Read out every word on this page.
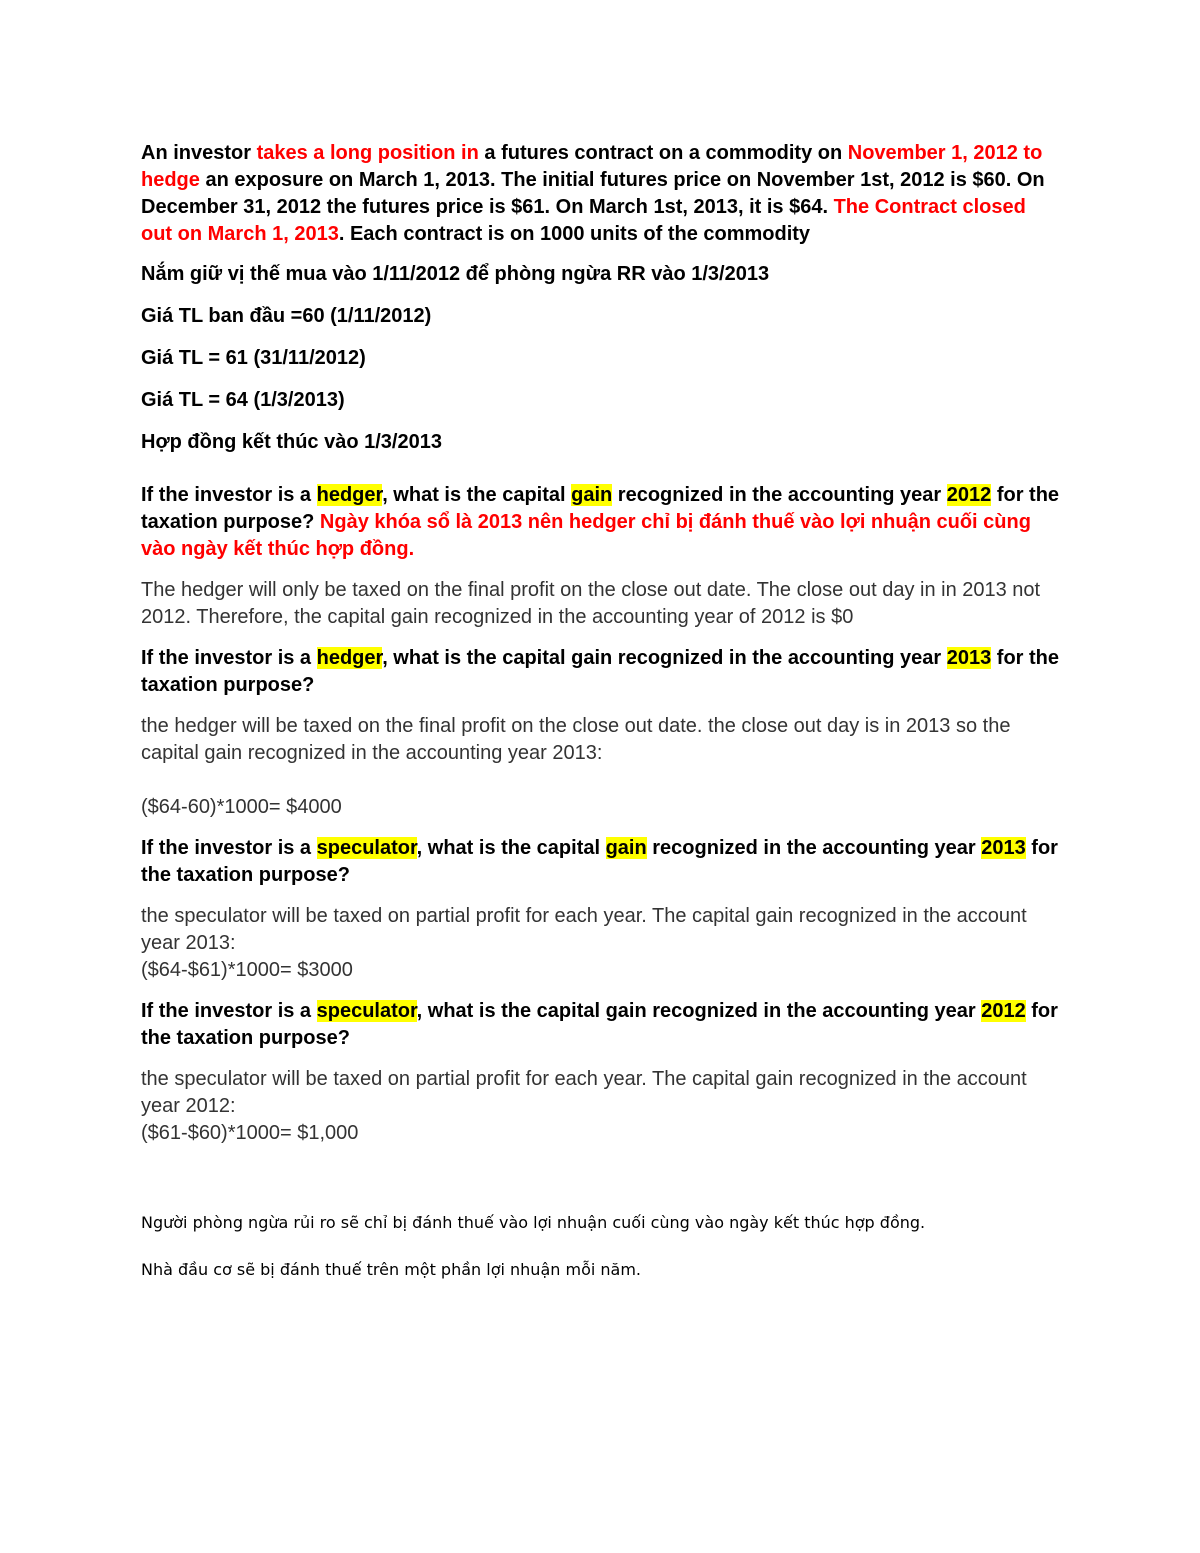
An investor takes a long position in a futures contract on a commodity on November 1, 2012 to hedge an exposure on March 1, 2013. The initial futures price on November 1st, 2012 is $60. On December 31, 2012 the futures price is $61. On March 1st, 2013, it is $64. The Contract closed out on March 1, 2013. Each contract is on 1000 units of the commodity

Nắm giữ vị thế mua vào 1/11/2012 để phòng ngừa RR vào 1/3/2013

Giá TL ban đầu =60 (1/11/2012)

Giá TL = 61 (31/11/2012)

Giá TL = 64 (1/3/2013)

Hợp đồng kết thúc vào 1/3/2013

If the investor is a hedger, what is the capital gain recognized in the accounting year 2012 for the taxation purpose? Ngày khóa sổ là 2013 nên hedger chỉ bị đánh thuế vào lợi nhuận cuối cùng vào ngày kết thúc hợp đồng.

The hedger will only be taxed on the final profit on the close out date. The close out day in in 2013 not 2012. Therefore, the capital gain recognized in the accounting year of 2012 is $0

If the investor is a hedger, what is the capital gain recognized in the accounting year 2013 for the taxation purpose?

the hedger will be taxed on the final profit on the close out date. the close out day is in 2013 so the capital gain recognized in the accounting year 2013:

($64-60)*1000= $4000

If the investor is a speculator, what is the capital gain recognized in the accounting year 2013 for the taxation purpose?

the speculator will be taxed on partial profit for each year. The capital gain recognized in the account year 2013:

($64-$61)*1000= $3000

If the investor is a speculator, what is the capital gain recognized in the accounting year 2012 for the taxation purpose?

the speculator will be taxed on partial profit for each year. The capital gain recognized in the account year 2012:

($61-$60)*1000= $1,000

Người phòng ngừa rủi ro sẽ chỉ bị đánh thuế vào lợi nhuận cuối cùng vào ngày kết thúc hợp đồng.

Nhà đầu cơ sẽ bị đánh thuế trên một phần lợi nhuận mỗi năm.
